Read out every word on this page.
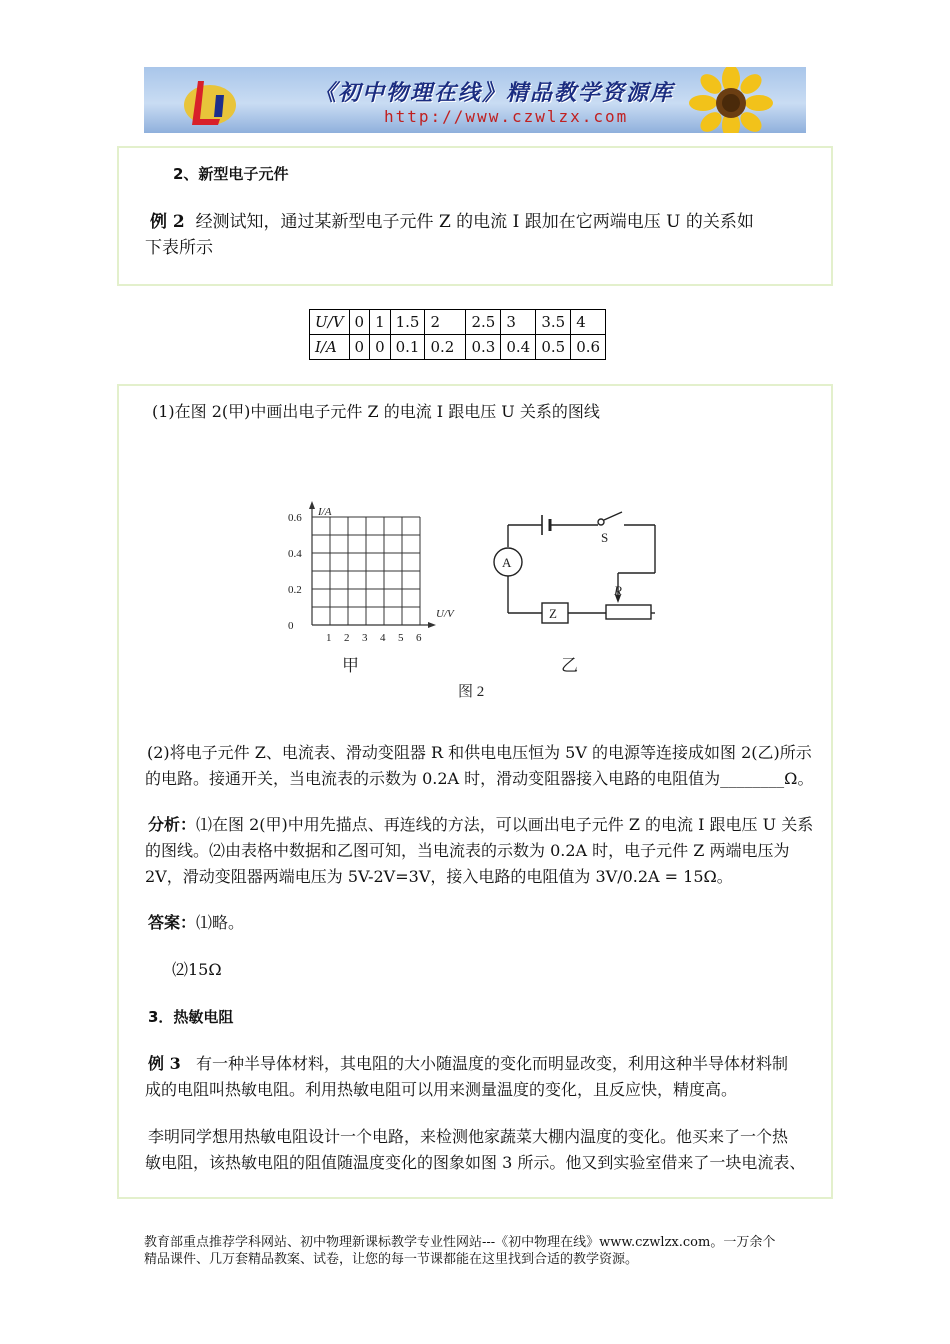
《初中物理在线》精品教学资源库
http://www.czwlzx.com
2、新型电子元件
例 2 经测试知，通过某新型电子元件 Z 的电流 I 跟加在它两端电压 U 的关系如
下表所示
U/V	0	1	1.5	2	2.5	3	3.5	4
I/A	0	0	0.1	0.2	0.3	0.4	0.5	0.6
(1)在图 2(甲)中画出电子元件 Z 的电流 I 跟电压 U 关系的图线
I/A
U/V
0.6
0.4
0.2
0
1 2 3 4 5 6
甲
A
S
R
Z
乙
图 2
(2)将电子元件 Z、电流表、滑动变阻器 R 和供电电压恒为 5V 的电源等连接成如图 2(乙)所示
的电路。接通开关，当电流表的示数为 0.2A 时，滑动变阻器接入电路的电阻值为________Ω。
分析：⑴在图 2(甲)中用先描点、再连线的方法，可以画出电子元件 Z 的电流 I 跟电压 U 关系
的图线。⑵由表格中数据和乙图可知，当电流表的示数为 0.2A 时，电子元件 Z 两端电压为
2V，滑动变阻器两端电压为 5V-2V=3V，接入电路的电阻值为 3V/0.2A = 15Ω。
答案：⑴略。
⑵15Ω
3．热敏电阻
例 3 有一种半导体材料，其电阻的大小随温度的变化而明显改变，利用这种半导体材料制
成的电阻叫热敏电阻。利用热敏电阻可以用来测量温度的变化，且反应快，精度高。
李明同学想用热敏电阻设计一个电路，来检测他家蔬菜大棚内温度的变化。他买来了一个热
敏电阻，该热敏电阻的阻值随温度变化的图象如图 3 所示。他又到实验室借来了一块电流表、
教育部重点推荐学科网站、初中物理新课标教学专业性网站---《初中物理在线》www.czwlzx.com。一万余个
精品课件、几万套精品教案、试卷，让您的每一节课都能在这里找到合适的教学资源。
